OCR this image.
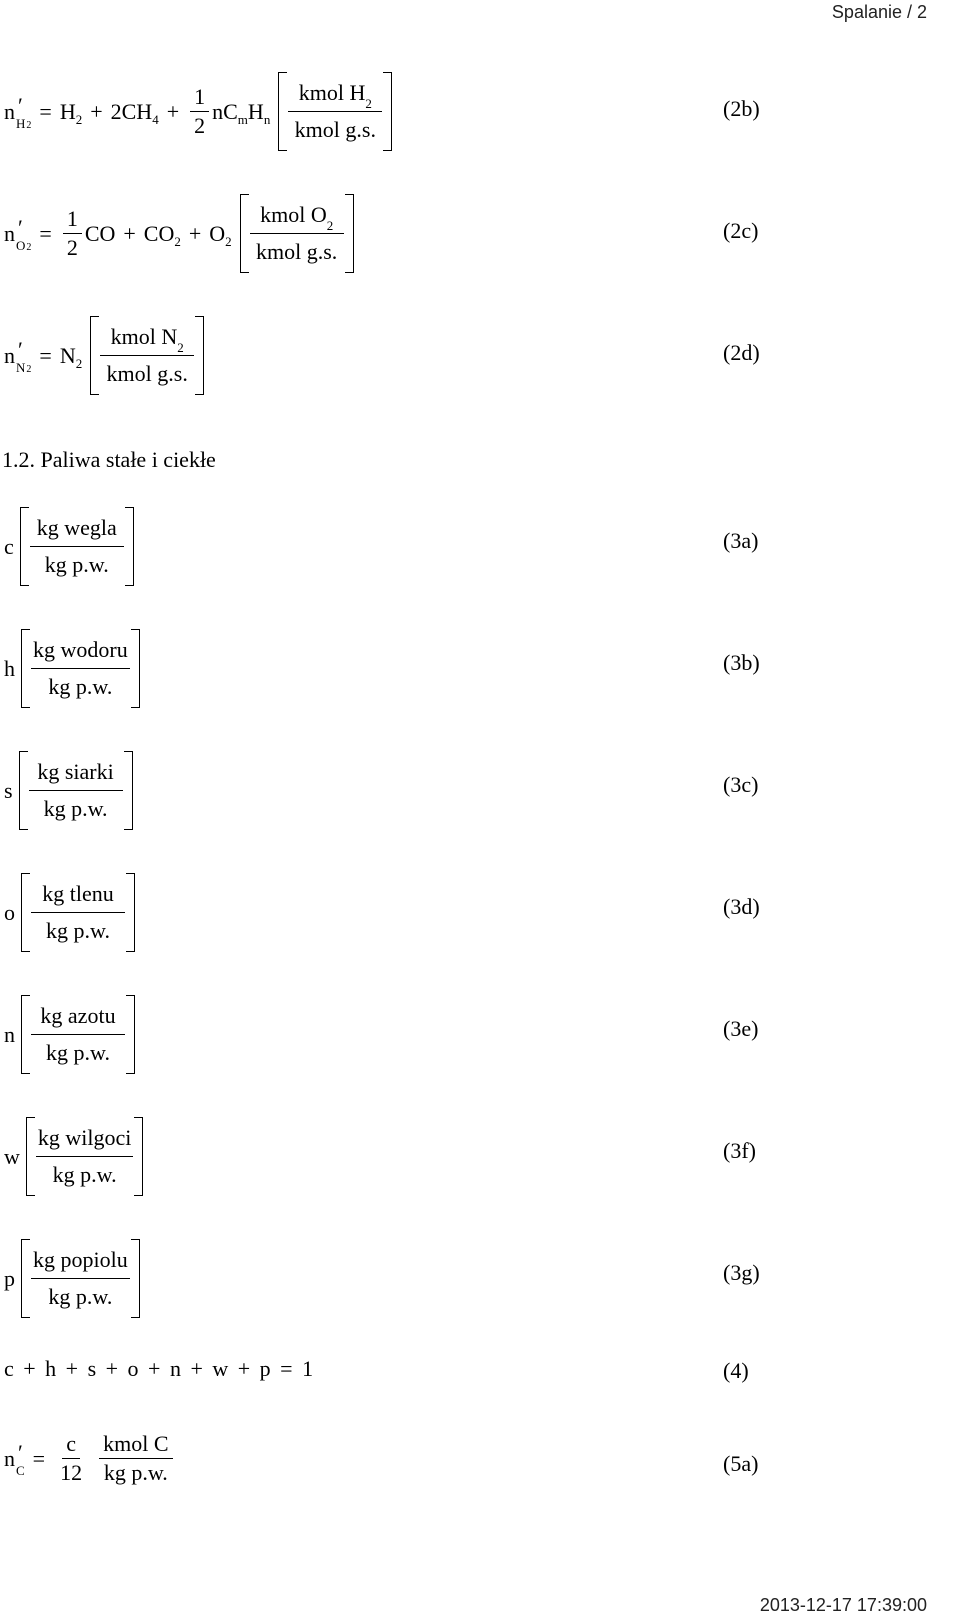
Spalanie / 2
n ′
$_{H2}$
= H 2 + 2CH $4 + \frac{1}{2}$ nC m H n $\frac{kmol H_2}{\text{kmol g.s.}}$	(2b)
n ′
$_{O2}$
= $\frac{1}{2}$ CO + CO 2 + O $2 \frac{kmol O_2}{\text{kmol g.s.}}$	(2c)
n ′
$_{N2}$
= N $2 \frac{kmol N_2}{\text{kmol g.s.}}$	(2d)
1.2. Paliwa stałe i ciekłe
c $\frac{\text{kg wegla}}{\text{kg p.w.}}$	(3a)
h $\frac{\text{kg wodoru}}{\text{kg p.w.}}$	(3b)
s $\frac{\text{kg siarki}}{\text{kg p.w.}}$	(3c)
o $\frac{\text{kg tlenu}}{\text{kg p.w.}}$	(3d)
n $\frac{\text{kg azotu}}{\text{kg p.w.}}$	(3e)
w $\frac{\text{kg wilgoci}}{\text{kg p.w.}}$	(3f)
p $\frac{\text{kg popiolu}}{\text{kg p.w.}}$	(3g)
c + h + s + o + n + w + p = 1	(4)
n ′
$_C = \frac{c}{12} \frac{\text{kmol C}}{\text{kg p.w.}}$	(5a)
2013-12-17 17:39:00
